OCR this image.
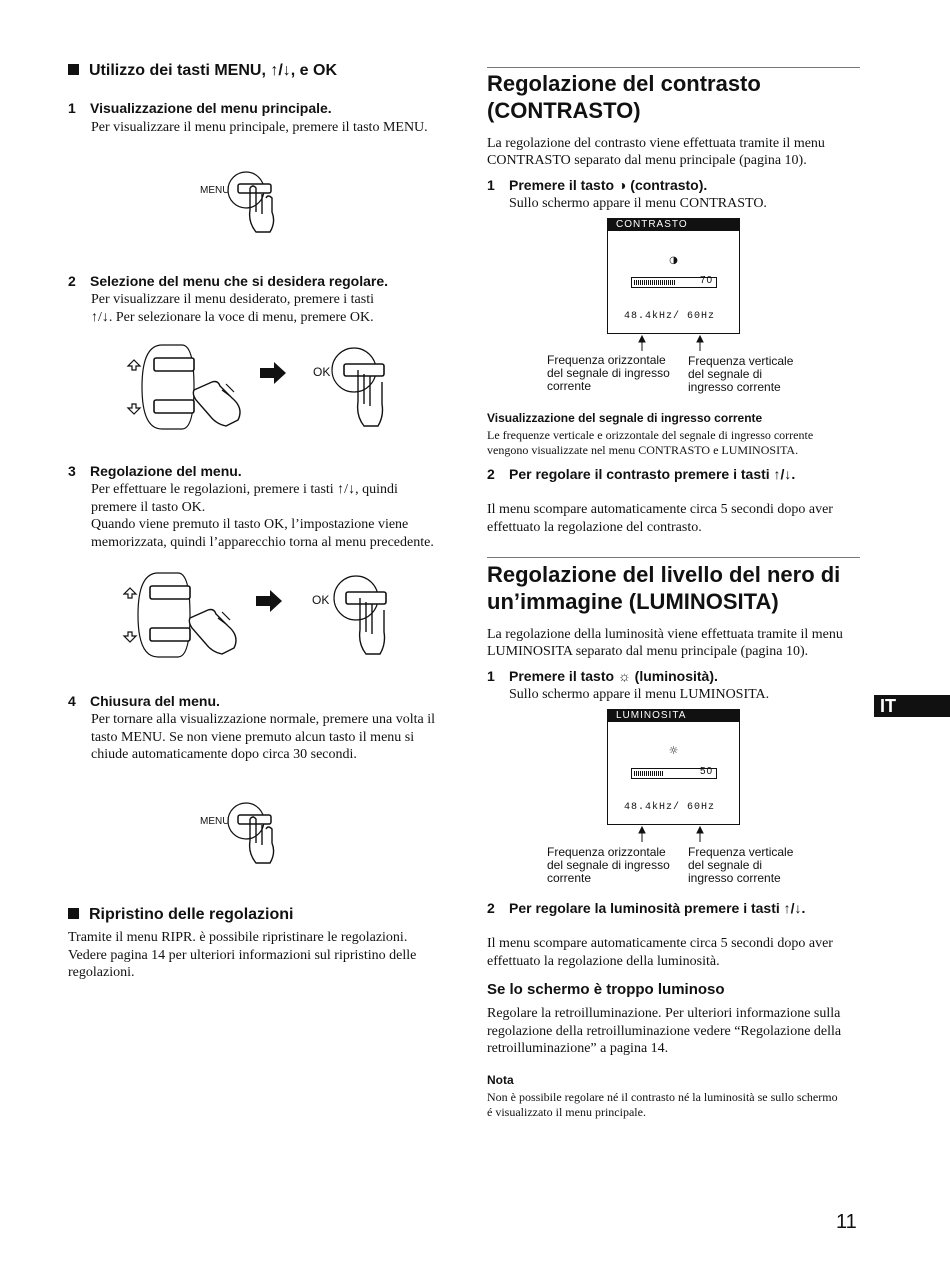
Utilizzo dei tasti MENU, ↑/↓, e OK
1 Visualizzazione del menu principale.
Per visualizzare il menu principale, premere il tasto MENU.
MENU
2 Selezione del menu che si desidera regolare.
Per visualizzare il menu desiderato, premere i tasti
↑/↓. Per selezionare la voce di menu, premere OK.
OK
3 Regolazione del menu.
Per effettuare le regolazioni, premere i tasti ↑/↓, quindi
premere il tasto OK.
Quando viene premuto il tasto OK, l’impostazione viene
memorizzata, quindi l’apparecchio torna al menu precedente.
OK
4 Chiusura del menu.
Per tornare alla visualizzazione normale, premere una volta il
tasto MENU. Se non viene premuto alcun tasto il menu si
chiude automaticamente dopo circa 30 secondi.
MENU
Ripristino delle regolazioni
Tramite il menu RIPR. è possibile ripristinare le regolazioni.
Vedere pagina 14 per ulteriori informazioni sul ripristino delle
regolazioni.
Regolazione del contrasto
(CONTRASTO)
La regolazione del contrasto viene effettuata tramite il menu
CONTRASTO separato dal menu principale (pagina 10).
1 Premere il tasto ◑ (contrasto).
Sullo schermo appare il menu CONTRASTO.
CONTRASTO
◑
70
48.4kHz/ 60Hz
Frequenza orizzontale
del segnale di ingresso
corrente
Frequenza verticale
del segnale di
ingresso corrente
Visualizzazione del segnale di ingresso corrente
Le frequenze verticale e orizzontale del segnale di ingresso corrente
vengono visualizzate nel menu CONTRASTO e LUMINOSITA.
2 Per regolare il contrasto premere i tasti ↑/↓.
Il menu scompare automaticamente circa 5 secondi dopo aver
effettuato la regolazione del contrasto.
Regolazione del livello del nero di
un’immagine (LUMINOSITA)
La regolazione della luminosità viene effettuata tramite il menu
LUMINOSITA separato dal menu principale (pagina 10).
1 Premere il tasto ☼ (luminosità).
Sullo schermo appare il menu LUMINOSITA.
LUMINOSITA
☼
50
48.4kHz/ 60Hz
Frequenza orizzontale
del segnale di ingresso
corrente
Frequenza verticale
del segnale di
ingresso corrente
2 Per regolare la luminosità premere i tasti ↑/↓.
Il menu scompare automaticamente circa 5 secondi dopo aver
effettuato la regolazione della luminosità.
Se lo schermo è troppo luminoso
Regolare la retroilluminazione. Per ulteriori informazione sulla
regolazione della retroilluminazione vedere “Regolazione della
retroilluminazione” a pagina 14.
Nota
Non è possibile regolare né il contrasto né la luminosità se sullo schermo
é visualizzato il menu principale.
IT
11
